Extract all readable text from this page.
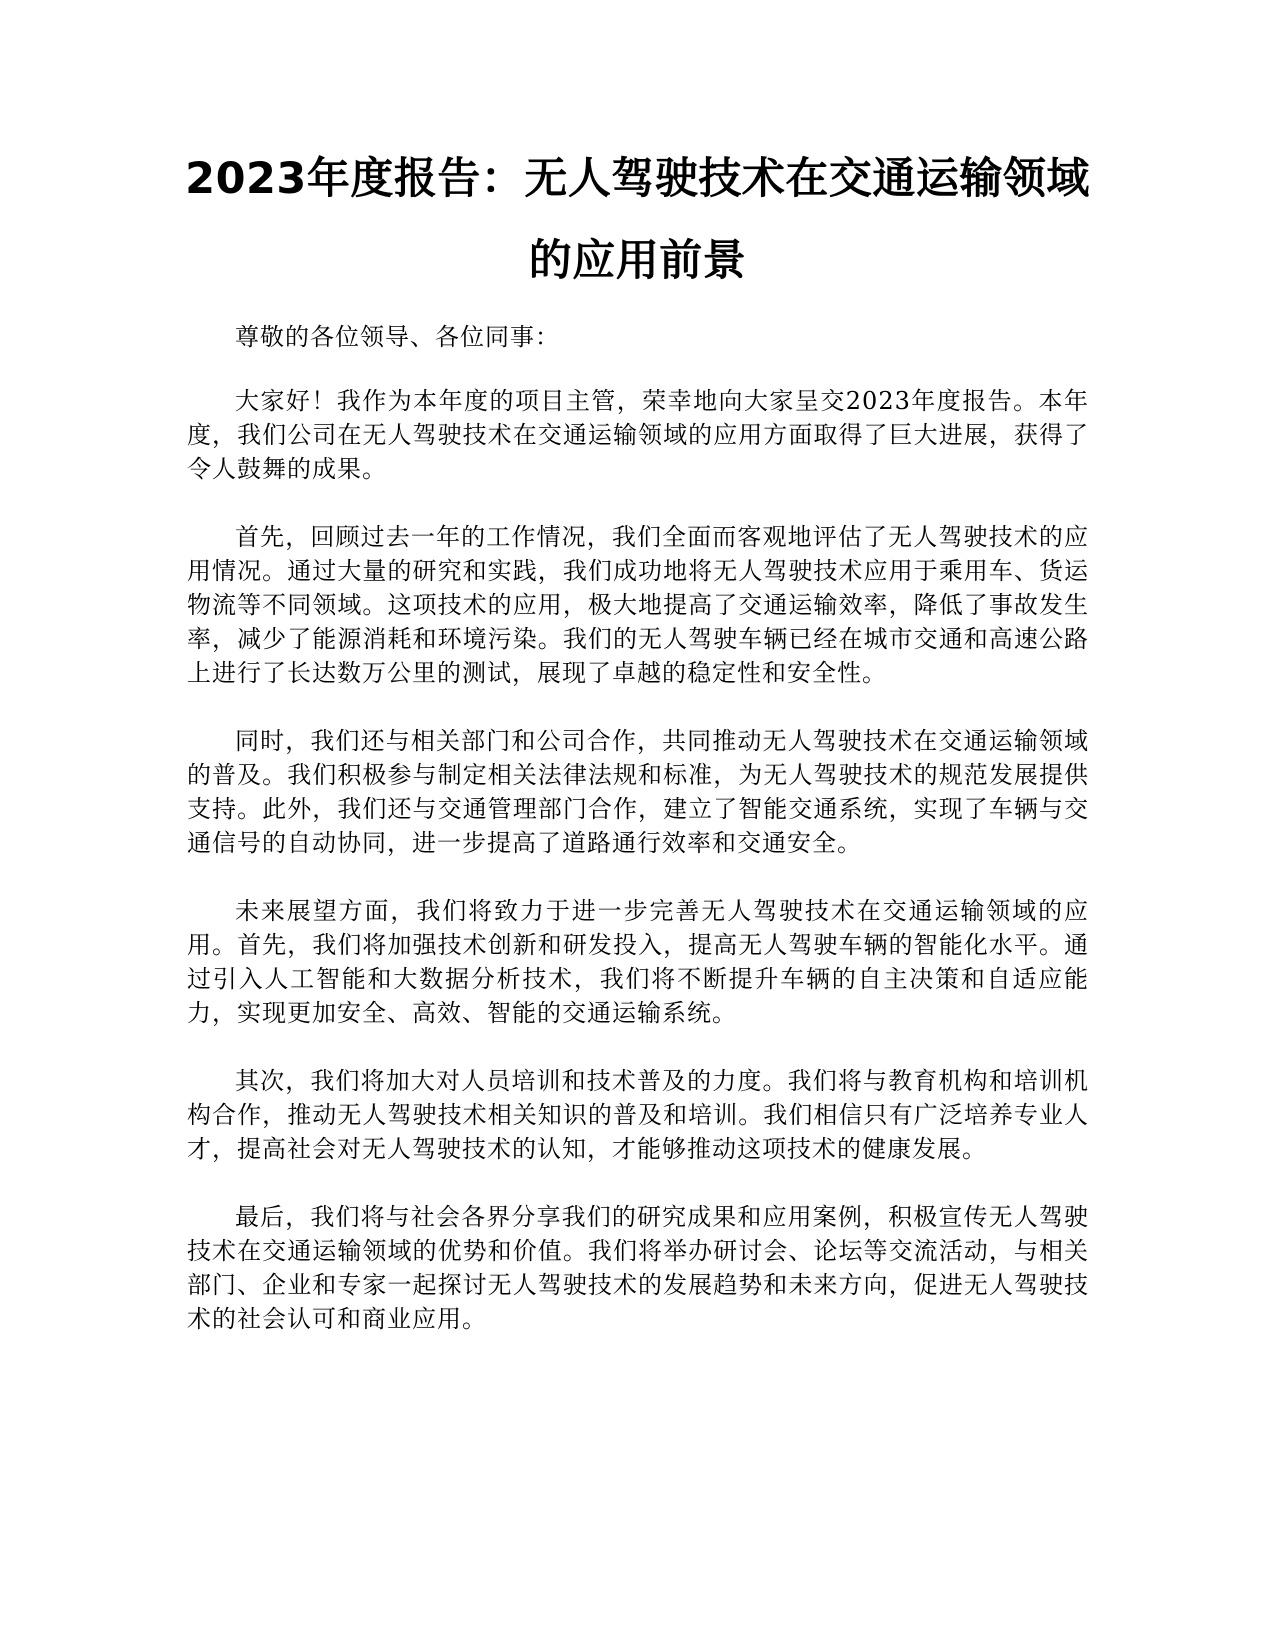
2023年度报告：无人驾驶技术在交通运输领域的应用前景

尊敬的各位领导、各位同事：

大家好！我作为本年度的项目主管，荣幸地向大家呈交2023年度报告。本年度，我们公司在无人驾驶技术在交通运输领域的应用方面取得了巨大进展，获得了令人鼓舞的成果。

首先，回顾过去一年的工作情况，我们全面而客观地评估了无人驾驶技术的应用情况。通过大量的研究和实践，我们成功地将无人驾驶技术应用于乘用车、货运物流等不同领域。这项技术的应用，极大地提高了交通运输效率，降低了事故发生率，减少了能源消耗和环境污染。我们的无人驾驶车辆已经在城市交通和高速公路上进行了长达数万公里的测试，展现了卓越的稳定性和安全性。

同时，我们还与相关部门和公司合作，共同推动无人驾驶技术在交通运输领域的普及。我们积极参与制定相关法律法规和标准，为无人驾驶技术的规范发展提供支持。此外，我们还与交通管理部门合作，建立了智能交通系统，实现了车辆与交通信号的自动协同，进一步提高了道路通行效率和交通安全。

未来展望方面，我们将致力于进一步完善无人驾驶技术在交通运输领域的应用。首先，我们将加强技术创新和研发投入，提高无人驾驶车辆的智能化水平。通过引入人工智能和大数据分析技术，我们将不断提升车辆的自主决策和自适应能力，实现更加安全、高效、智能的交通运输系统。

其次，我们将加大对人员培训和技术普及的力度。我们将与教育机构和培训机构合作，推动无人驾驶技术相关知识的普及和培训。我们相信只有广泛培养专业人才，提高社会对无人驾驶技术的认知，才能够推动这项技术的健康发展。

最后，我们将与社会各界分享我们的研究成果和应用案例，积极宣传无人驾驶技术在交通运输领域的优势和价值。我们将举办研讨会、论坛等交流活动，与相关部门、企业和专家一起探讨无人驾驶技术的发展趋势和未来方向，促进无人驾驶技术的社会认可和商业应用。
